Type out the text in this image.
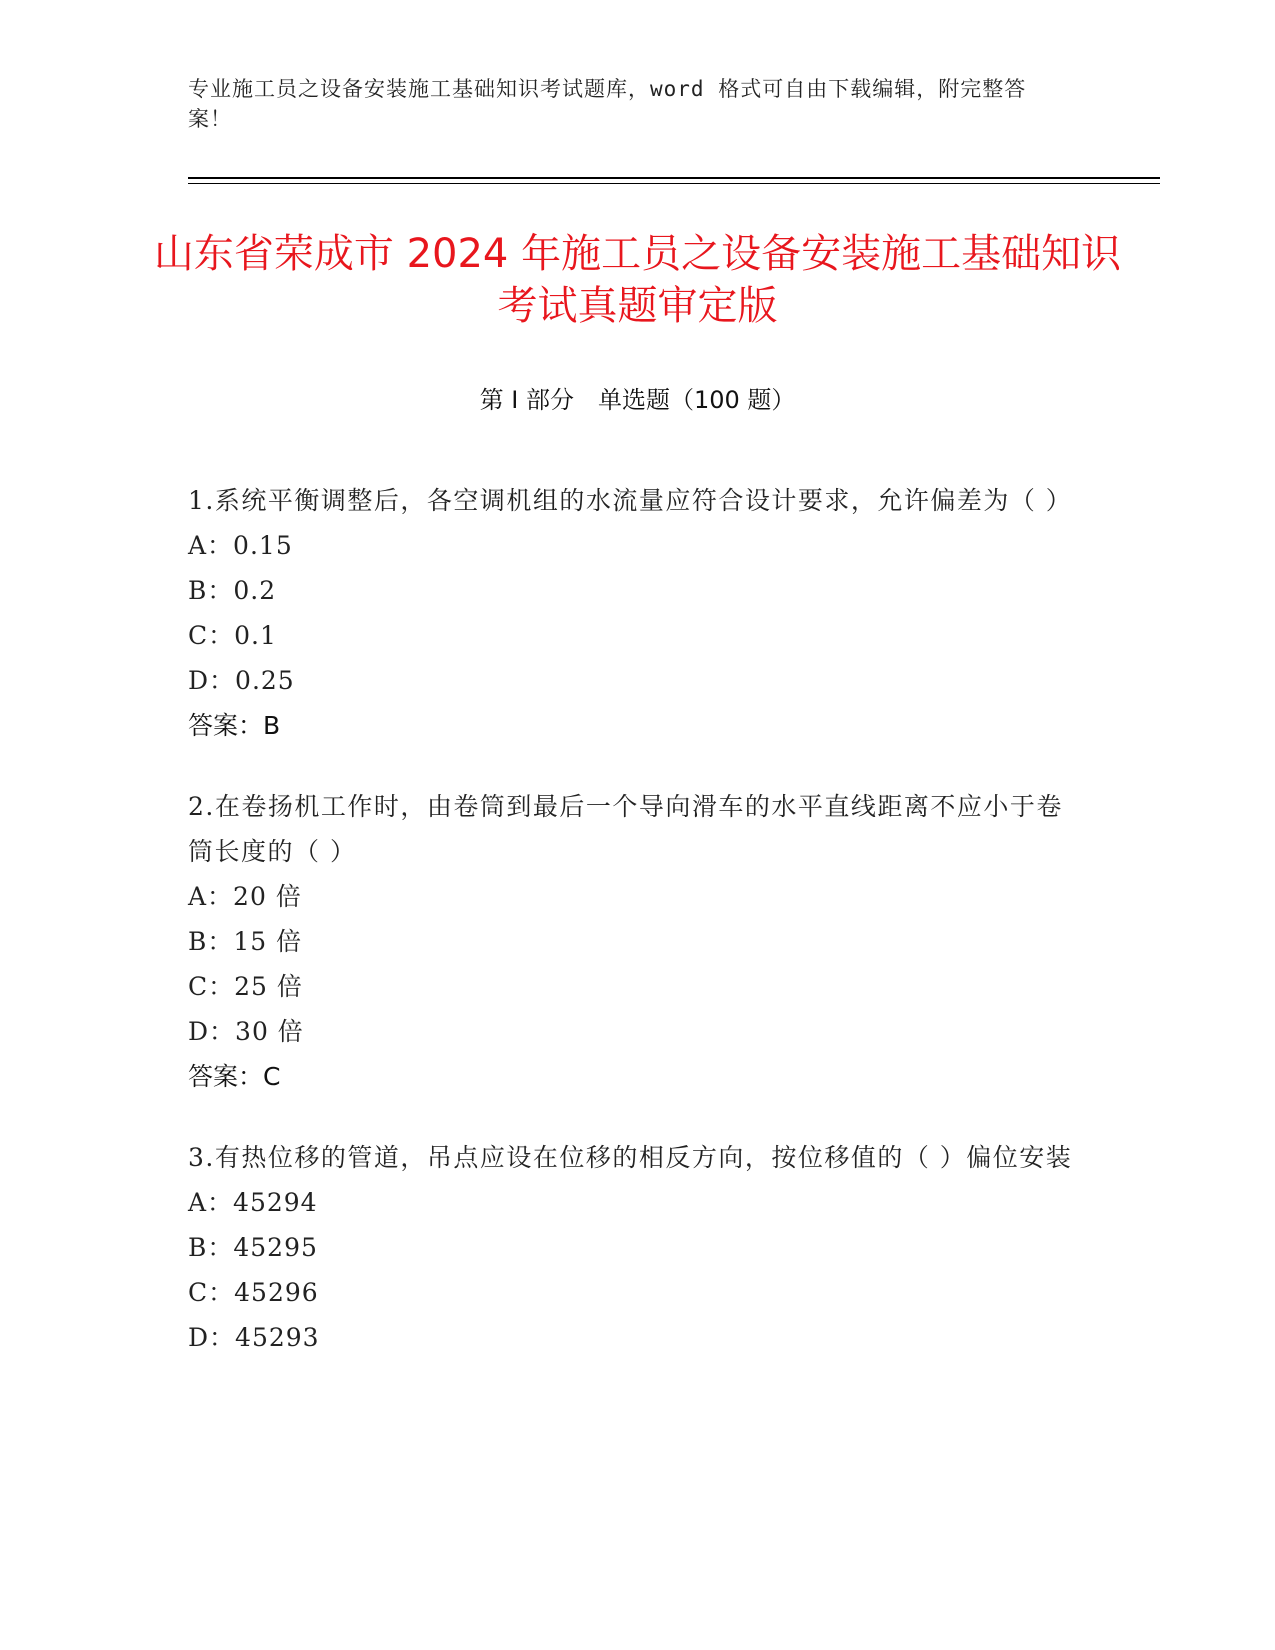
专业施工员之设备安装施工基础知识考试题库，word 格式可自由下载编辑，附完整答案！
山东省荣成市 2024 年施工员之设备安装施工基础知识考试真题审定版
第 I 部分　单选题（100 题）

1.系统平衡调整后，各空调机组的水流量应符合设计要求，允许偏差为（ ）

A：0.15

B：0.2

C：0.1

D：0.25

答案：B

2.在卷扬机工作时，由卷筒到最后一个导向滑车的水平直线距离不应小于卷筒长度的（ ）

A：20 倍

B：15 倍

C：25 倍

D：30 倍

答案：C

3.有热位移的管道，吊点应设在位移的相反方向，按位移值的（ ）偏位安装

A：45294

B：45295

C：45296

D：45293
